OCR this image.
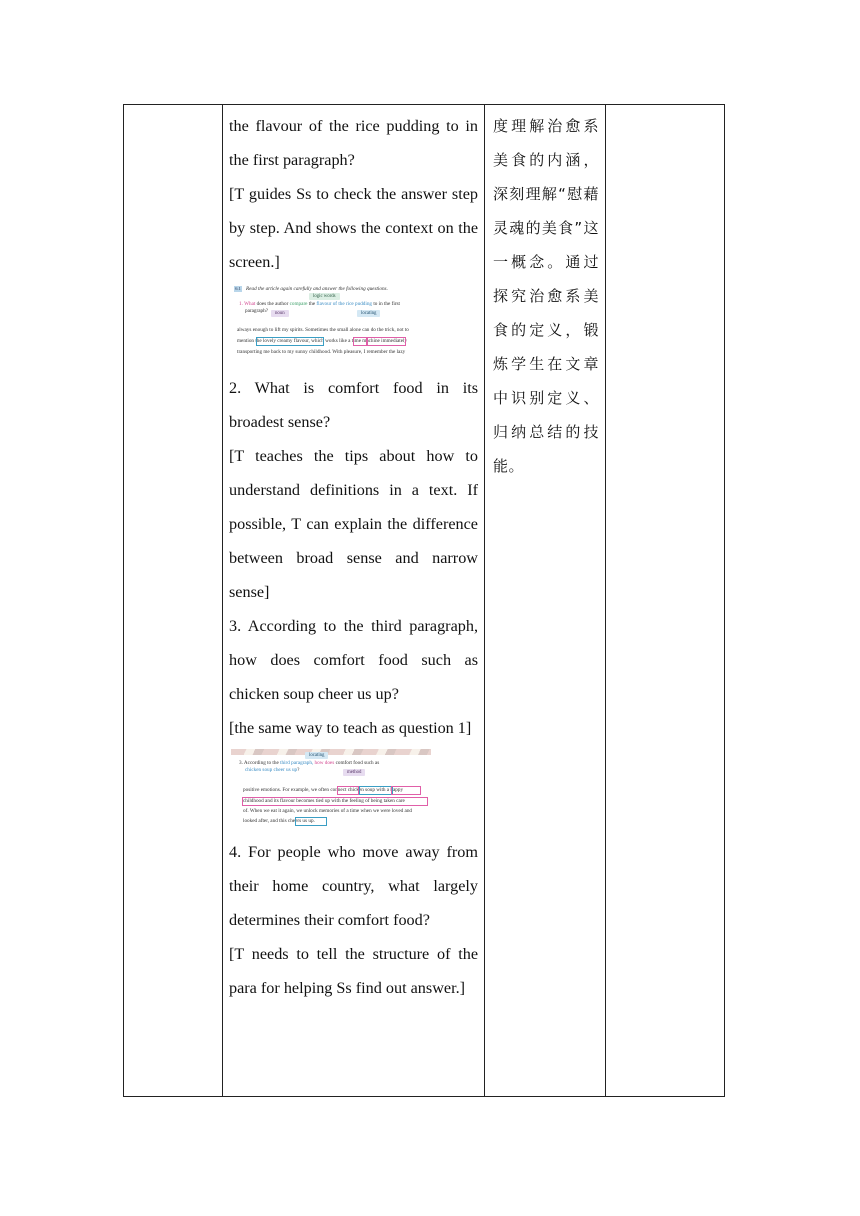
the flavour of the rice pudding to in the first paragraph?

[T guides Ss to check the answer step by step. And shows the context on the screen.]

6.1 Read the article again carefully and answer the following questions.
logic words
1. What does the author compare the flavour of the rice pudding to in the first
paragraph?	noun	locating
always enough to lift my spirits. Sometimes the small alone can do the trick, not to
mention the lovely creamy flavour, which works like a time machine immediately
transporting me back to my sunny childhood. With pleasure, I remember the lazy

2. What is comfort food in its broadest sense?

[T teaches the tips about how to understand definitions in a text. If possible, T can explain the difference between broad sense and narrow sense]

3. According to the third paragraph, how does comfort food such as chicken soup cheer us up?

[the same way to teach as question 1]

locating
3. According to the third paragraph, how does comfort food such as
chicken soup cheer us up?	method
positive emotions. For example, we often connect chicken soup with a happy
childhood and its flavour becomes tied up with the feeling of being taken care
of. When we eat it again, we unlock memories of a time when we were loved and
looked after, and this cheers us up.

4. For people who move away from their home country, what largely determines their comfort food?

[T needs to tell the structure of the para for helping Ss find out answer.]

度理解治愈系美食的内涵，深刻理解“慰藉灵魂的美食”这一概念。通过探究治愈系美食的定义，锻炼学生在文章中识别定义、归纳总结的技能。
